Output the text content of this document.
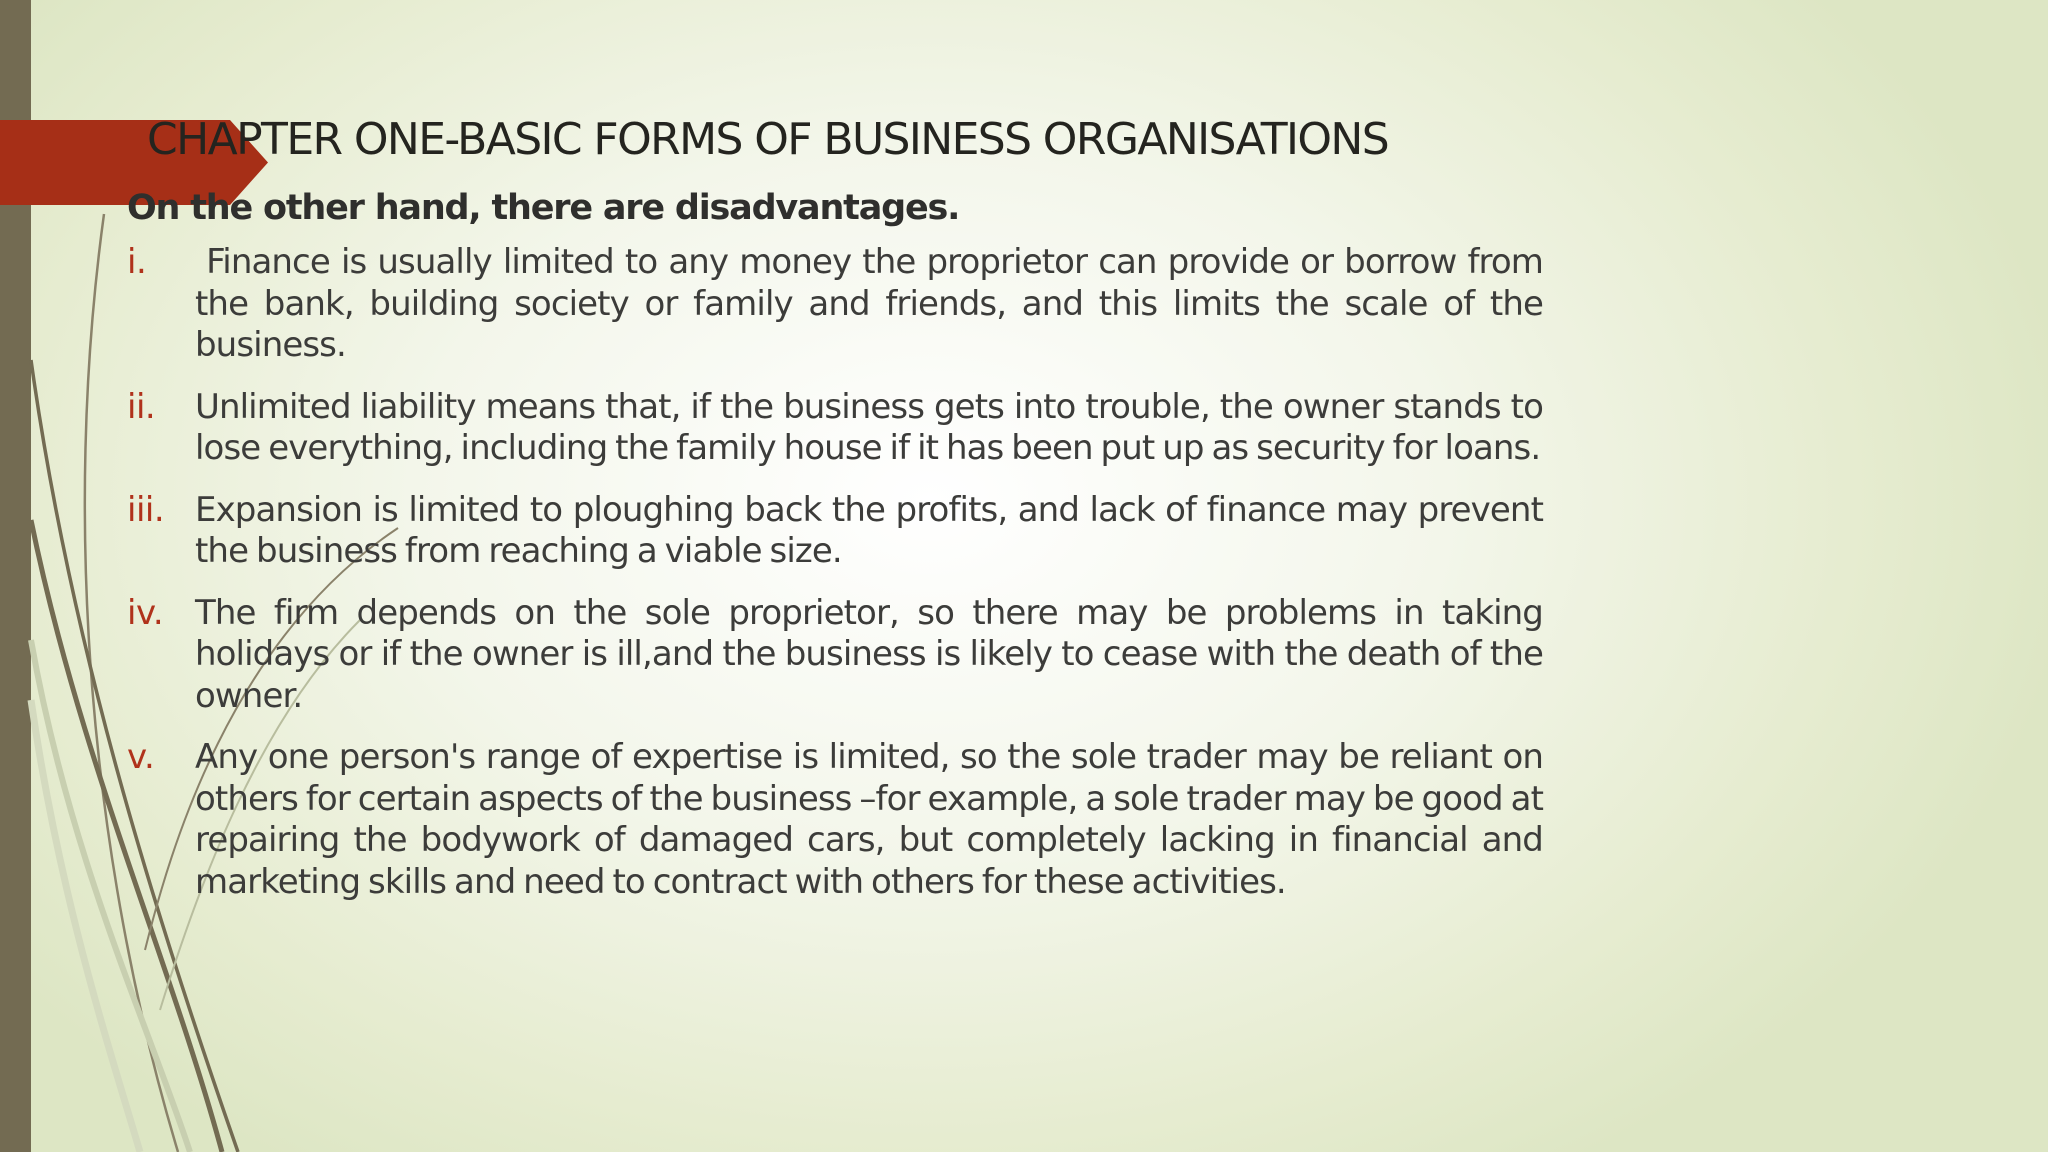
CHAPTER ONE-BASIC FORMS OF BUSINESS ORGANISATIONS

On the other hand, there are disadvantages.

i.	Finance is usually limited to any money the proprietor can provide or borrow from the bank, building society or family and friends, and this limits the scale of the business.
ii.	Unlimited liability means that, if the business gets into trouble, the owner stands to lose everything, including the family house if it has been put up as security for loans.
iii. Expansion is limited to ploughing back the profits, and lack of finance may prevent the business from reaching a viable size.
iv. The firm depends on the sole proprietor, so there may be problems in taking holidays or if the owner is ill,and the business is likely to cease with the death of the owner.
v.	Any one person's range of expertise is limited, so the sole trader may be reliant on others for certain aspects of the business –for example, a sole trader may be good at repairing the bodywork of damaged cars, but completely lacking in financial and marketing skills and need to contract with others for these activities.
